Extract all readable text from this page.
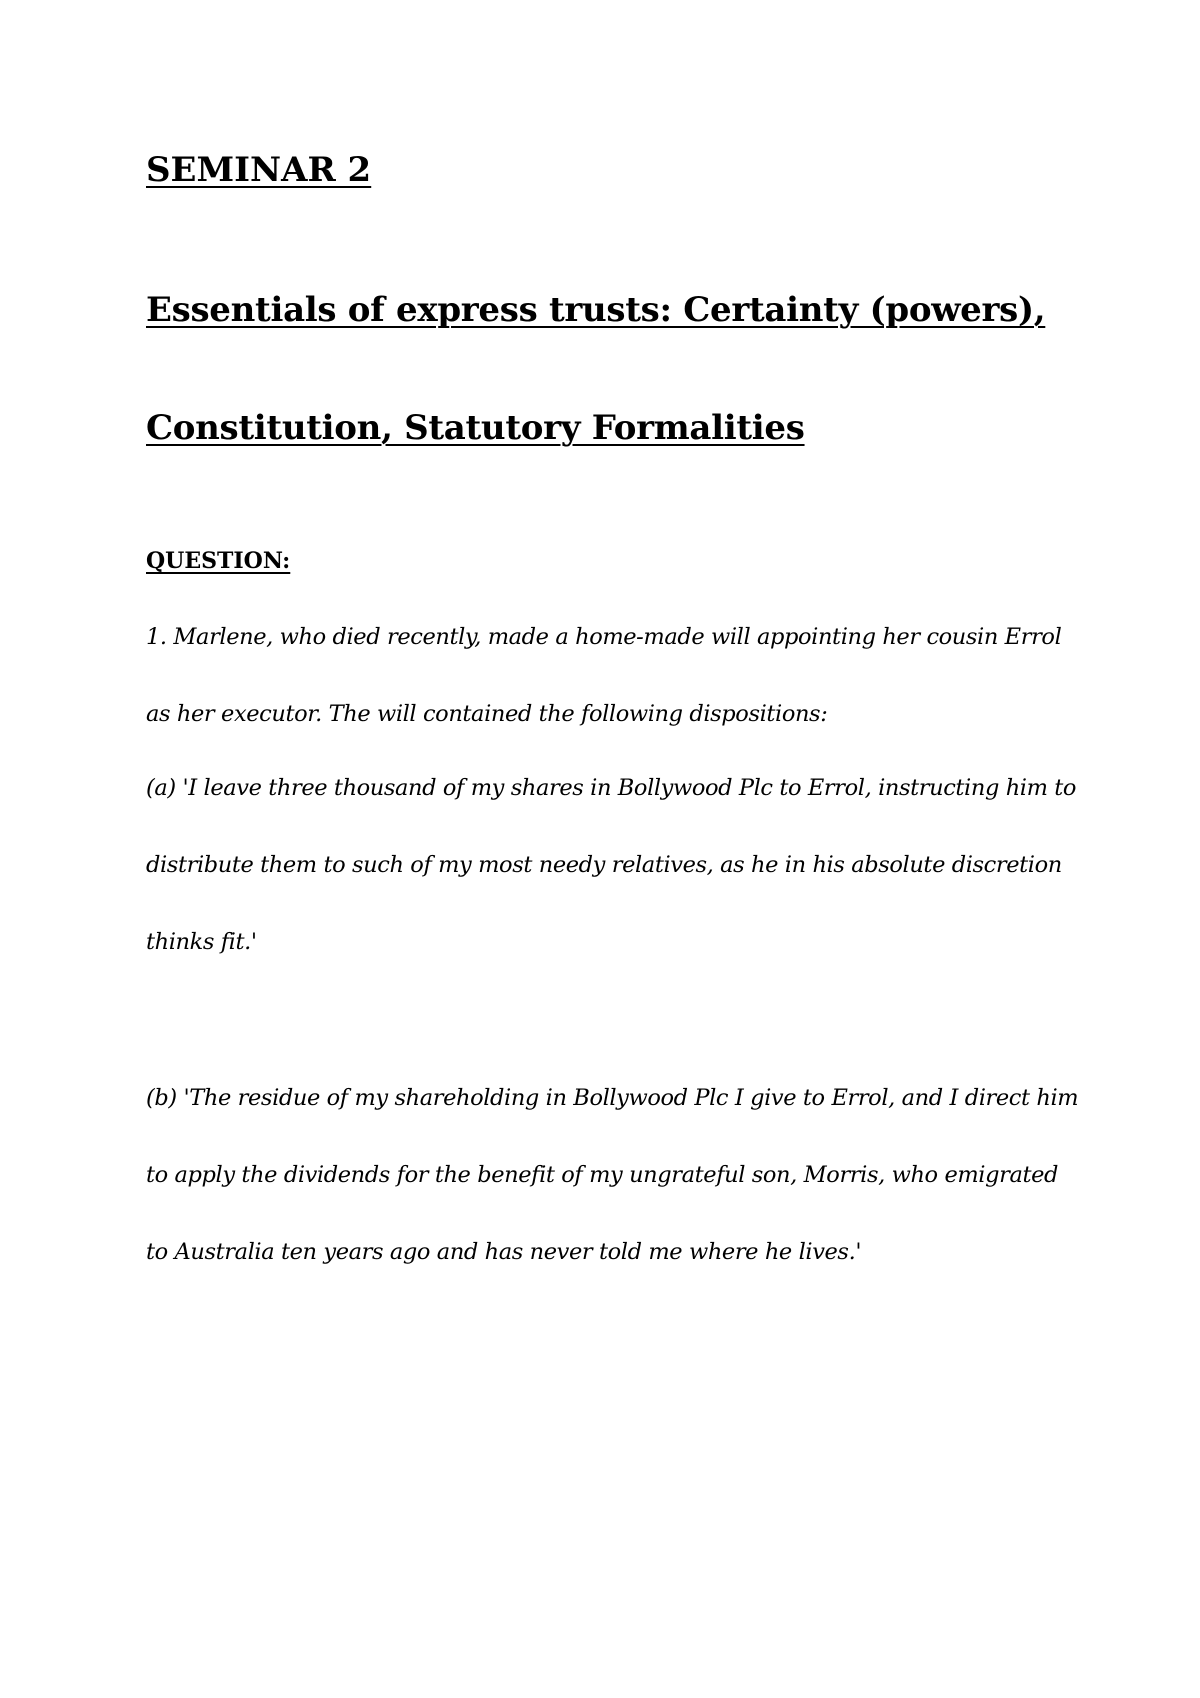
SEMINAR 2
Essentials of express trusts: Certainty (powers),
Constitution, Statutory Formalities

QUESTION:

1. Marlene, who died recently, made a home-made will appointing her cousin Errol

as her executor. The will contained the following dispositions:

(a) 'I leave three thousand of my shares in Bollywood Plc to Errol, instructing him to

distribute them to such of my most needy relatives, as he in his absolute discretion

thinks fit.'

(b) 'The residue of my shareholding in Bollywood Plc I give to Errol, and I direct him

to apply the dividends for the benefit of my ungrateful son, Morris, who emigrated

to Australia ten years ago and has never told me where he lives.'
